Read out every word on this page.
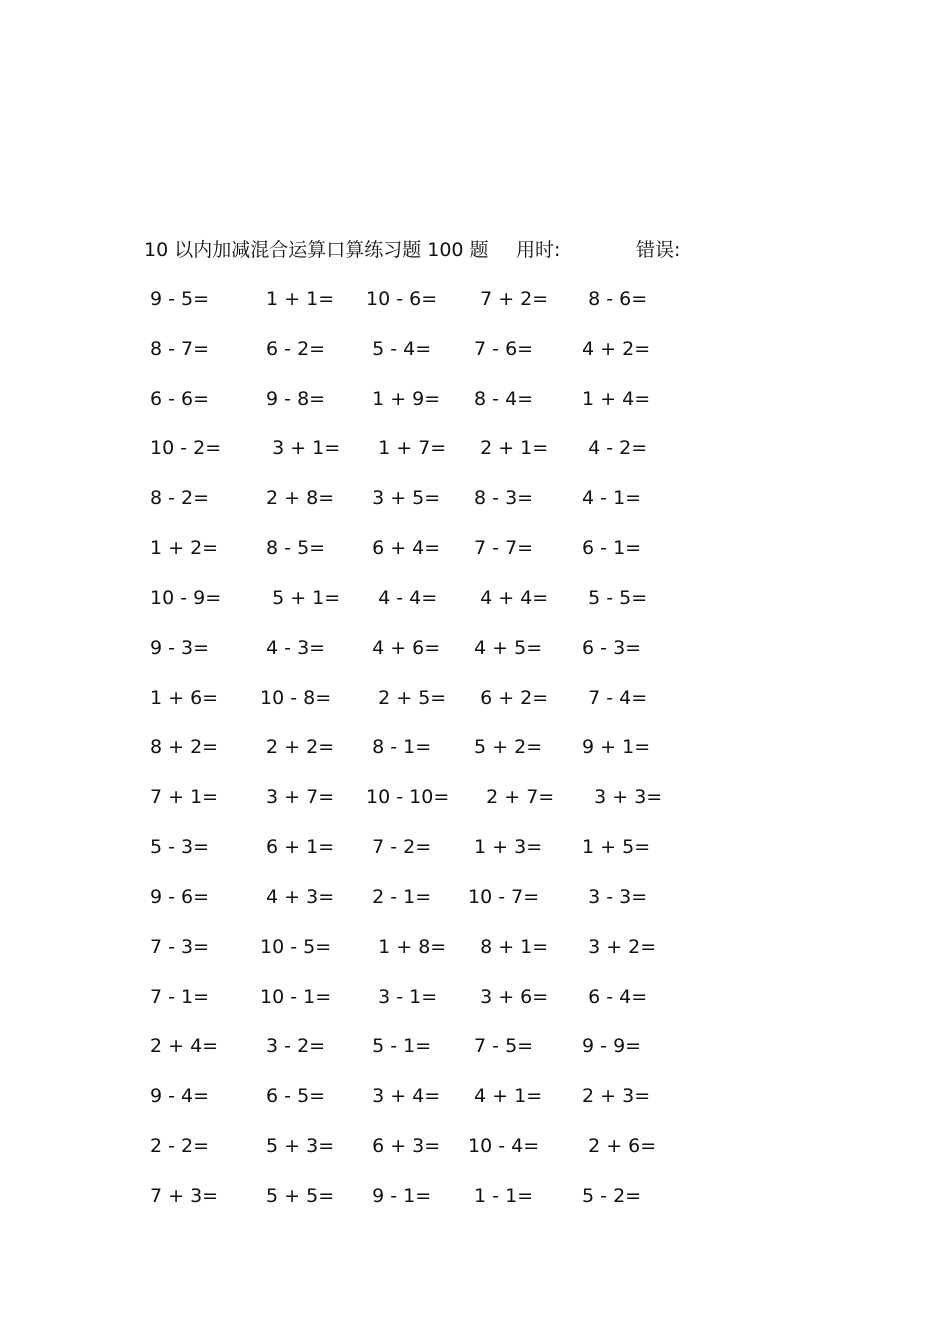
10 以内加减混合运算口算练习题 100 题 用时:	错误:
9 - 5=	1 + 1= 10 - 6= 7 + 2= 8 - 6=
8 - 7=	6 - 2= 5 - 4= 7 - 6= 4 + 2=
6 - 6=	9 - 8= 1 + 9= 8 - 4= 1 + 4=
10 - 2= 3 + 1= 1 + 7= 2 + 1= 4 - 2=
8 - 2=	2 + 8= 3 + 5= 8 - 3= 4 - 1=
1 + 2= 8 - 5= 6 + 4= 7 - 7= 6 - 1=
10 - 9= 5 + 1= 4 - 4= 4 + 4= 5 - 5=
9 - 3=	4 - 3= 4 + 6= 4 + 5= 6 - 3=
1 + 6= 10 - 8= 2 + 5= 6 + 2= 7 - 4=
8 + 2= 2 + 2= 8 - 1= 5 + 2= 9 + 1=
7 + 1= 3 + 7= 10 - 10= 2 + 7= 3 + 3=
5 - 3=	6 + 1= 7 - 2= 1 + 3= 1 + 5=
9 - 6=	4 + 3= 2 - 1= 10 - 7= 3 - 3=
7 - 3=	10 - 5= 1 + 8= 8 + 1= 3 + 2=
7 - 1=	10 - 1= 3 - 1= 3 + 6= 6 - 4=
2 + 4= 3 - 2= 5 - 1= 7 - 5= 9 - 9=
9 - 4=	6 - 5= 3 + 4= 4 + 1= 2 + 3=
2 - 2=	5 + 3= 6 + 3= 10 - 4= 2 + 6=
7 + 3= 5 + 5= 9 - 1= 1 - 1= 5 - 2=
